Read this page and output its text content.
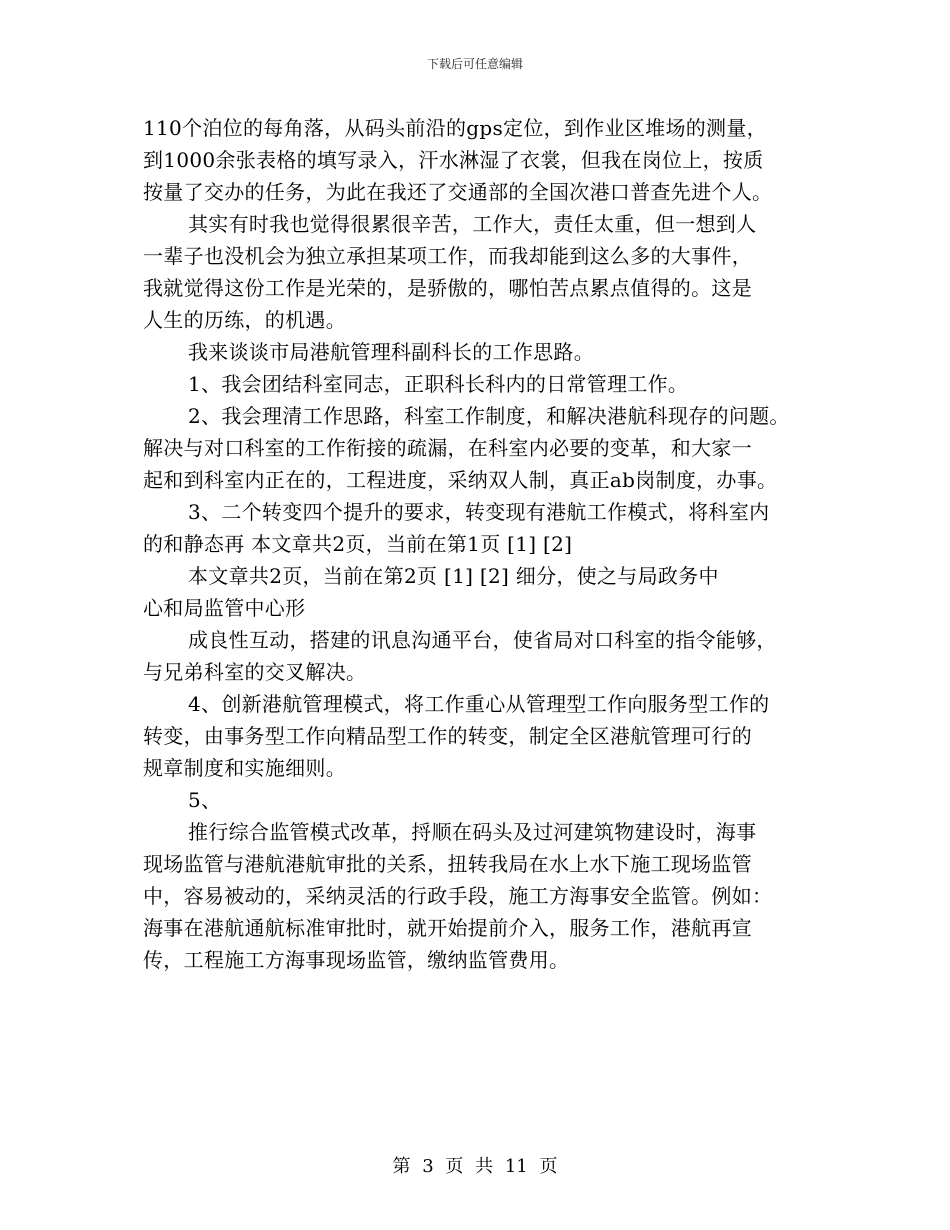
下载后可任意编辑

110个泊位的每角落，从码头前沿的gps定位，到作业区堆场的测量，

到1000余张表格的填写录入，汗水淋湿了衣裳，但我在岗位上，按质

按量了交办的任务，为此在我还了交通部的全国次港口普查先进个人。

其实有时我也觉得很累很辛苦，工作大，责任太重，但一想到人

一辈子也没机会为独立承担某项工作，而我却能到这么多的大事件，

我就觉得这份工作是光荣的，是骄傲的，哪怕苦点累点值得的。这是

人生的历练，的机遇。

我来谈谈市局港航管理科副科长的工作思路。

1、我会团结科室同志，正职科长科内的日常管理工作。

2、我会理清工作思路，科室工作制度，和解决港航科现存的问题。

解决与对口科室的工作衔接的疏漏，在科室内必要的变革，和大家一

起和到科室内正在的，工程进度，采纳双人制，真正ab岗制度，办事。

3、二个转变四个提升的要求，转变现有港航工作模式，将科室内

的和静态再 本文章共2页，当前在第1页 [1] [2]

本文章共2页，当前在第2页 [1] [2] 细分，使之与局政务中

心和局监管中心形

成良性互动，搭建的讯息沟通平台，使省局对口科室的指令能够，

与兄弟科室的交叉解决。

4、创新港航管理模式，将工作重心从管理型工作向服务型工作的

转变，由事务型工作向精品型工作的转变，制定全区港航管理可行的

规章制度和实施细则。

5、

推行综合监管模式改革，捋顺在码头及过河建筑物建设时，海事

现场监管与港航港航审批的关系，扭转我局在水上水下施工现场监管

中，容易被动的，采纳灵活的行政手段，施工方海事安全监管。例如：

海事在港航通航标准审批时，就开始提前介入，服务工作，港航再宣

传，工程施工方海事现场监管，缴纳监管费用。

第 3 页 共 11 页
